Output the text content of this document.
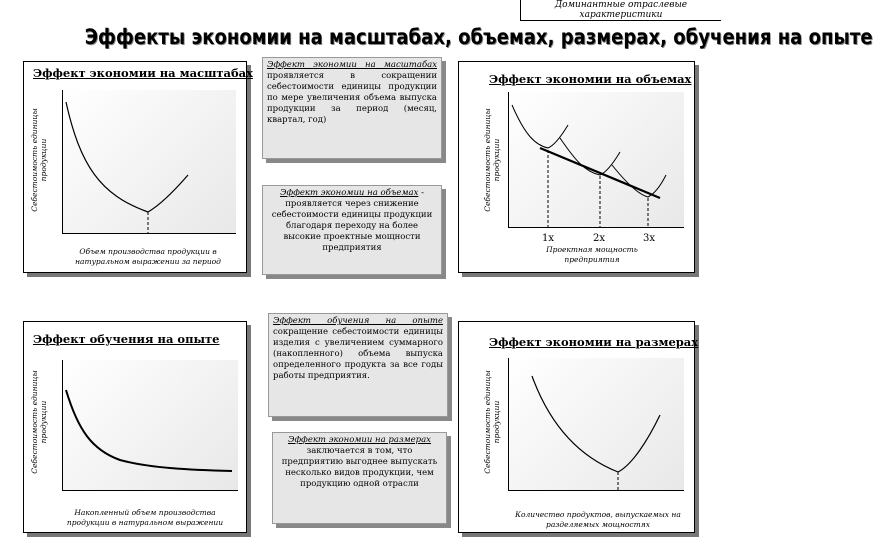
Доминантные отраслевые характеристики
Эффекты экономии на масштабах, объемах, размерах, обучения на опыте
Эффект экономии на масштабах
Себестоимость единицы продукции
Объем производства продукции в натуральном выражении за период
Эффект экономии на объемах
Себестоимость единицы продукции
1х	2х	3х
Проектная мощность предприятия
Эффект экономии на масштабах проявляется в сокращении себестоимости единицы продукции по мере увеличения объема выпуска продукции за период (месяц, квартал, год)
Эффект экономии на объемах - проявляется через снижение себестоимости единицы продукции благодаря переходу на более высокие проектные мощности предприятия
Эффект обучения на опыте
Себестоимость единицы продукции
Накопленный объем производства продукции в натуральном выражении
Эффект экономии на размерах
Себестоимость единицы продукции
Количество продуктов, выпускаемых на разделяемых мощностях
Эффект обучения на опыте сокращение себестоимости единицы изделия с увеличением суммарного (накопленного) объема выпуска определенного продукта за все годы работы предприятия.
Эффект экономии на размерах заключается в том, что предприятию выгоднее выпускать несколько видов продукции, чем продукцию одной отрасли
